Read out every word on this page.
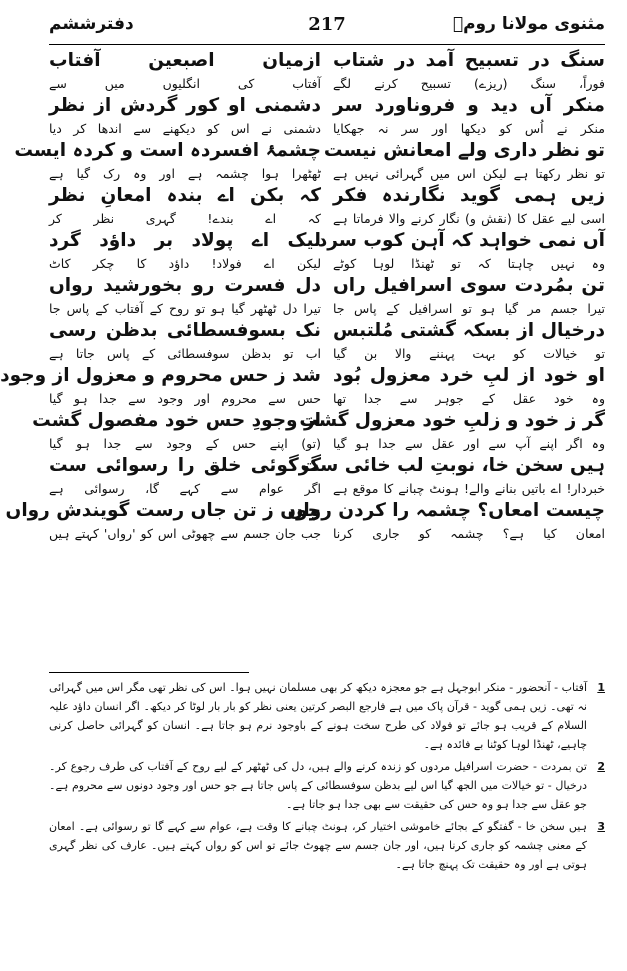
مثنوی مولانا رومؒ
217
دفترششم
سنگ در تسبیح آمد در شتاب
فوراً، سنگ (ریزے) تسبیح کرنے لگے
ازمیان اصبعین آفتاب
آفتاب کی انگلیوں میں سے
منکر آں دید و فروناورد سر
منکر نے اُس کو دیکھا اور سر نہ جھکایا
دشمنی او کور گردش از نظر
دشمنی نے اس کو دیکھنے سے اندھا کر دیا
تو نظر داری ولے امعانش نیست
تو نظر رکھتا ہے لیکن اس میں گہرائی نہیں ہے
چشمۂ افسردہ است و کردہ ایست
ٹھٹھرا ہوا چشمہ ہے اور وہ رک گیا ہے
زیں ہمی گوید نگارندہ فکر
اسی لیے عقل کا (نقش و) نگار کرنے والا فرماتا ہے
کہ بکن اے بندہ امعانِ نظر
کہ اے بندے! گہری نظر کر
آں نمی خواہد کہ آہن کوب سرد
وہ نہیں چاہتا کہ تو ٹھنڈا لوہا کوٹے
لیک اے پولاد بر داؤد گرد
لیکن اے فولاد! داؤد کا چکر کاٹ
تن بمُردت سوی اسرافیل راں
تیرا جسم مر گیا ہو تو اسرافیل کے پاس جا
دل فسرت رو بخورشید رواں
تیرا دل ٹھٹھر گیا ہو تو روح کے آفتاب کے پاس جا
درخیال از بسکہ گشتی مُلتبس
تو خیالات کو بہت پہننے والا بن گیا
نک بسوفسطائی بدظن رسی
اب تو بدظن سوفسطائی کے پاس جاتا ہے
او خود از لبِ خرد معزول بُود
وہ خود عقل کے جوہر سے جدا تھا
شد ز حس محروم و معزول از وجود
حس سے محروم اور وجود سے جدا ہو گیا
گر ز خود و زلبِ خود معزول گشت
وہ اگر اپنے آپ سے اور عقل سے جدا ہو گیا
از وجودِ حس خود مفصول گشت
(تو) اپنے حس کے وجود سے جدا ہو گیا
ہیں سخن خا، نوبتِ لب خائی ست
خبردار! اے باتیں بنانے والے! ہونٹ چبانے کا موقع ہے
گرگوئی خلق را رسوائی ست
اگر عوام سے کہے گا، رسوائی ہے
چیست امعاں؟ چشمہ را کردن رواں
امعان کیا ہے؟ چشمہ کو جاری کرنا
چوں ز تن جاں رست گویندش رواں
جب جان جسم سے چھوٹی اس کو 'رواں' کہتے ہیں
1
آفتاب - آنحضور - منکر ابوجہل ہے جو معجزہ دیکھ کر بھی مسلمان نہیں ہوا۔ اس کی نظر تھی مگر اس میں گہرائی نہ تھی۔ زیں ہمی گوید - قرآن پاک میں ہے فارجع البصر کرتین یعنی نظر کو بار بار لوٹا کر دیکھ۔ اگر انسان داؤد علیہ السلام کے قریب ہو جائے تو فولاد کی طرح سخت ہونے کے باوجود نرم ہو جاتا ہے۔ انسان کو گہرائی حاصل کرنی چاہیے، ٹھنڈا لوہا کوٹنا بے فائدہ ہے۔
2
تن بمردت - حضرت اسرافیل مردوں کو زندہ کرنے والے ہیں، دل کی ٹھٹھر کے لیے روح کے آفتاب کی طرف رجوع کر۔ درخیال - تو خیالات میں الجھ گیا اس لیے بدظن سوفسطائی کے پاس جاتا ہے جو حس اور وجود دونوں سے محروم ہے۔ جو عقل سے جدا ہو وہ حس کی حقیقت سے بھی جدا ہو جاتا ہے۔
3
ہیں سخن خا - گفتگو کے بجائے خاموشی اختیار کر، ہونٹ چبانے کا وقت ہے، عوام سے کہے گا تو رسوائی ہے۔ امعان کے معنی چشمہ کو جاری کرنا ہیں، اور جان جسم سے چھوٹ جائے تو اس کو رواں کہتے ہیں۔ عارف کی نظر گہری ہوتی ہے اور وہ حقیقت تک پہنچ جاتا ہے۔
